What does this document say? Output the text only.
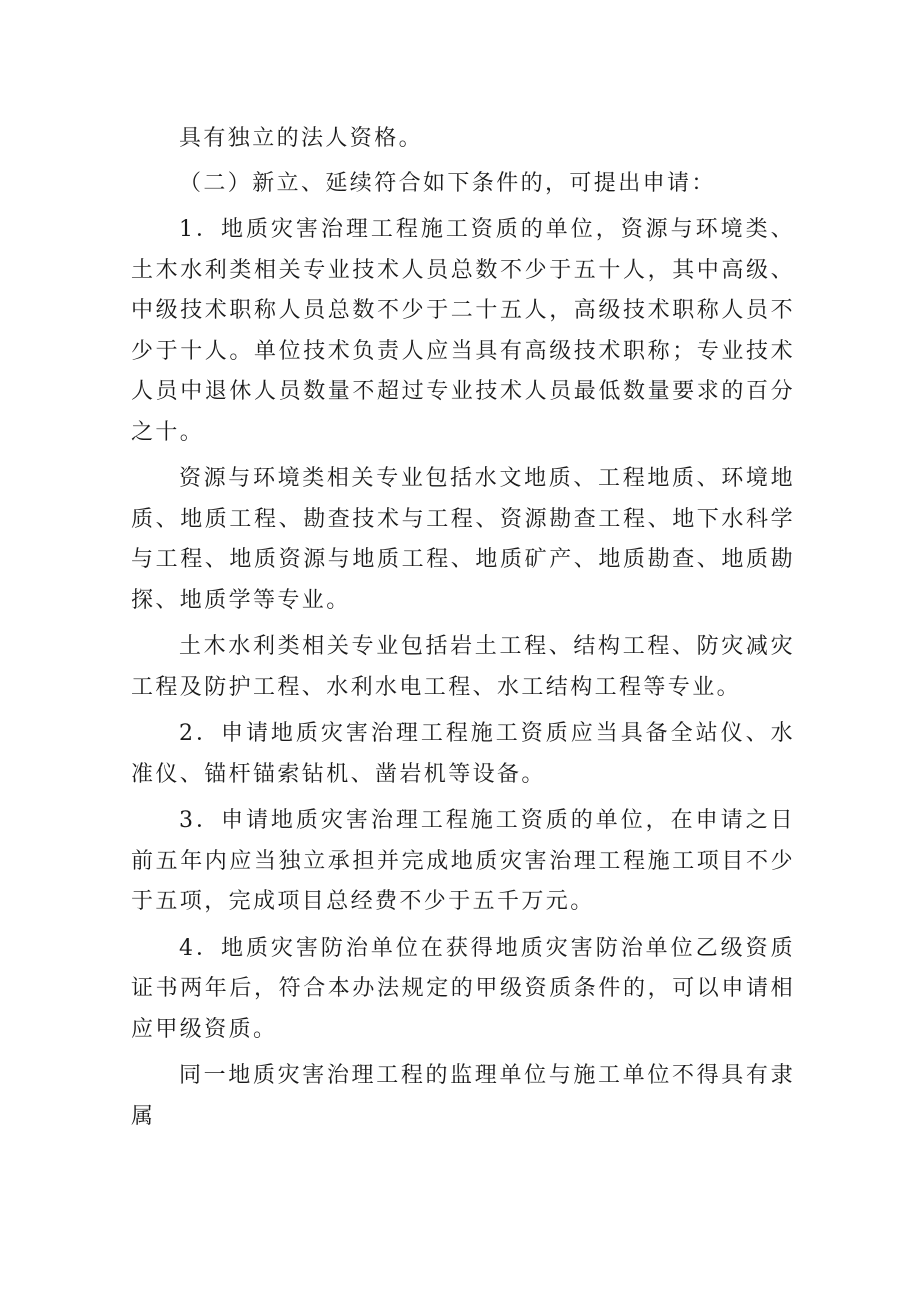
具有独立的法人资格。

（二）新立、延续符合如下条件的，可提出申请：

1．地质灾害治理工程施工资质的单位，资源与环境类、土木水利类相关专业技术人员总数不少于五十人，其中高级、中级技术职称人员总数不少于二十五人，高级技术职称人员不少于十人。单位技术负责人应当具有高级技术职称；专业技术人员中退休人员数量不超过专业技术人员最低数量要求的百分之十。

资源与环境类相关专业包括水文地质、工程地质、环境地质、地质工程、勘查技术与工程、资源勘查工程、地下水科学与工程、地质资源与地质工程、地质矿产、地质勘查、地质勘探、地质学等专业。

土木水利类相关专业包括岩土工程、结构工程、防灾减灾工程及防护工程、水利水电工程、水工结构工程等专业。

2．申请地质灾害治理工程施工资质应当具备全站仪、水准仪、锚杆锚索钻机、凿岩机等设备。

3．申请地质灾害治理工程施工资质的单位，在申请之日前五年内应当独立承担并完成地质灾害治理工程施工项目不少于五项，完成项目总经费不少于五千万元。

4．地质灾害防治单位在获得地质灾害防治单位乙级资质证书两年后，符合本办法规定的甲级资质条件的，可以申请相应甲级资质。

同一地质灾害治理工程的监理单位与施工单位不得具有隶属
